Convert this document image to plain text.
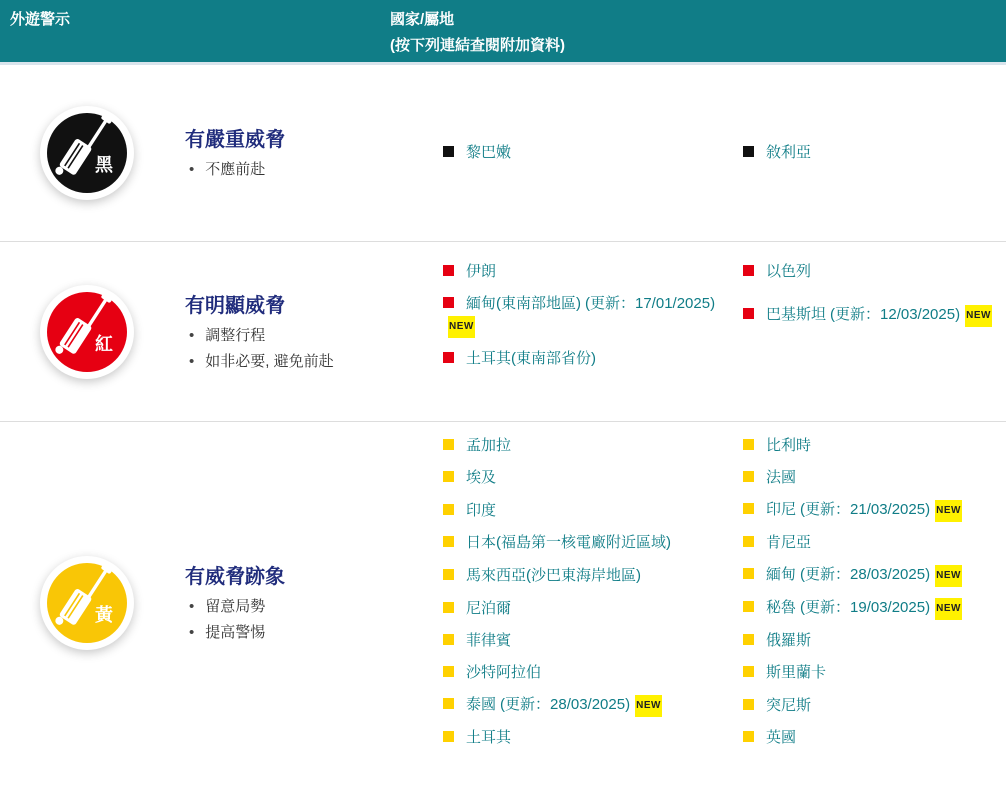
外遊警示	國家/屬地
(按下列連結查閱附加資料)
黑
有嚴重威脅
• 不應前赴
黎巴嫩	敘利亞
紅
有明顯威脅
• 調整行程
• 如非必要, 避免前赴
伊朗	以色列
緬甸(東南部地區) (更新：17/01/2025)NEW	巴基斯坦 (更新：12/03/2025) NEW
土耳其(東南部省份)	
黃
有威脅跡象
• 留意局勢
• 提高警惕
孟加拉	比利時
埃及	法國
印度	印尼 (更新：21/03/2025) NEW
日本(福島第一核電廠附近區域)	肯尼亞
馬來西亞(沙巴東海岸地區)	緬甸 (更新：28/03/2025) NEW
尼泊爾	秘魯 (更新：19/03/2025) NEW
菲律賓	俄羅斯
沙特阿拉伯	斯里蘭卡
泰國 (更新：28/03/2025) NEW	突尼斯
土耳其	英國
